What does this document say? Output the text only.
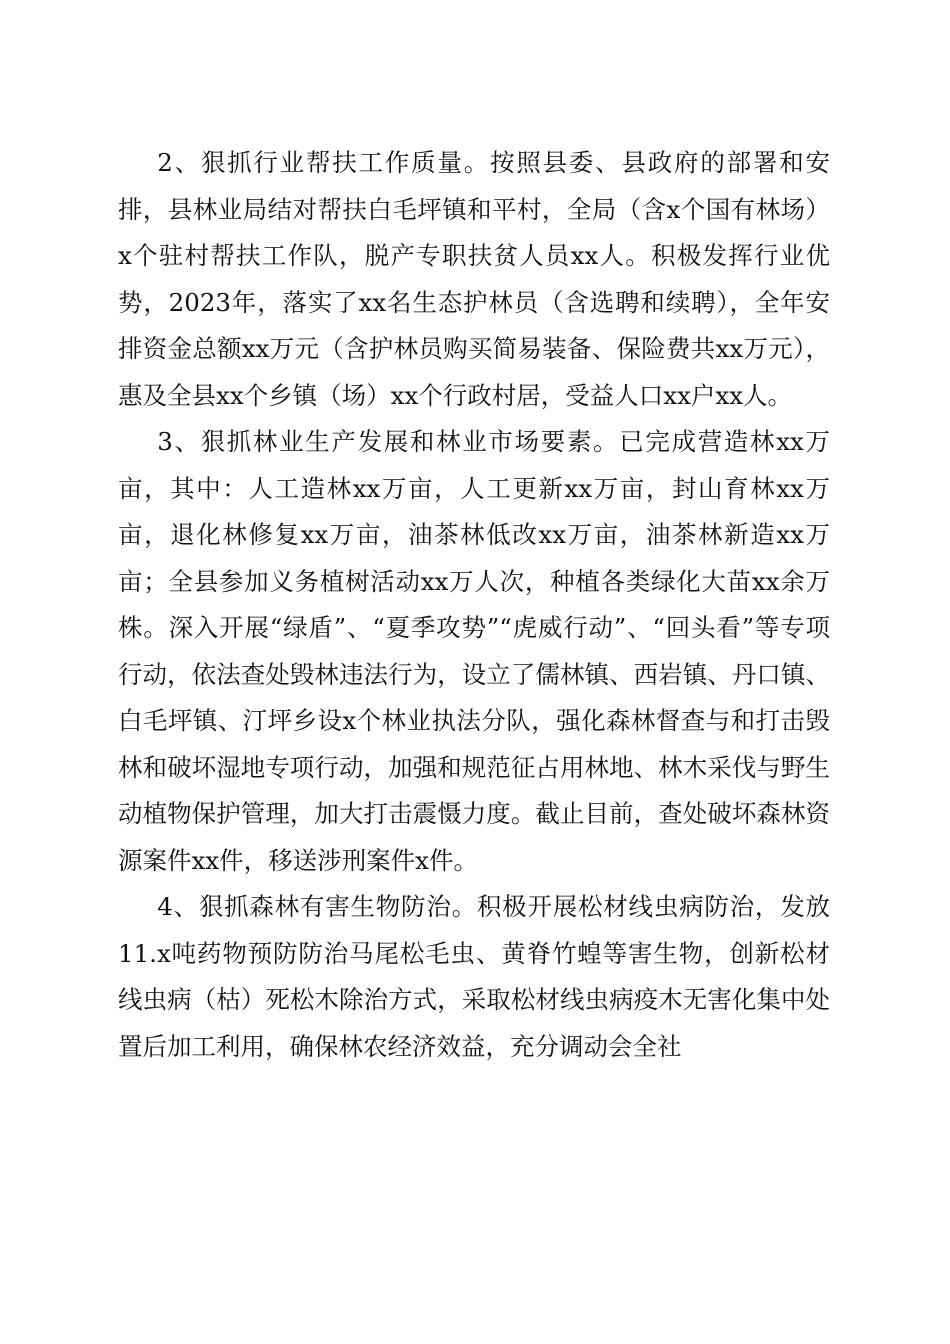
2、狠抓行业帮扶工作质量。按照县委、县政府的部署和安排，县林业局结对帮扶白毛坪镇和平村，全局（含x个国有林场）x个驻村帮扶工作队，脱产专职扶贫人员xx人。积极发挥行业优势，2023年，落实了xx名生态护林员（含选聘和续聘），全年安排资金总额xx万元（含护林员购买简易装备、保险费共xx万元），惠及全县xx个乡镇（场）xx个行政村居，受益人口xx户xx人。

3、狠抓林业生产发展和林业市场要素。已完成营造林xx万亩，其中：人工造林xx万亩，人工更新xx万亩，封山育林xx万亩，退化林修复xx万亩，油茶林低改xx万亩，油茶林新造xx万亩；全县参加义务植树活动xx万人次，种植各类绿化大苗xx余万株。深入开展“绿盾”、“夏季攻势”“虎威行动”、“回头看”等专项行动，依法查处毁林违法行为，设立了儒林镇、西岩镇、丹口镇、白毛坪镇、汀坪乡设x个林业执法分队，强化森林督查与和打击毁林和破坏湿地专项行动，加强和规范征占用林地、林木采伐与野生动植物保护管理，加大打击震慑力度。截止目前，查处破坏森林资源案件xx件，移送涉刑案件x件。

4、狠抓森林有害生物防治。积极开展松材线虫病防治，发放11.x吨药物预防防治马尾松毛虫、黄脊竹蝗等害生物，创新松材线虫病（枯）死松木除治方式，采取松材线虫病疫木无害化集中处置后加工利用，确保林农经济效益，充分调动会全社
